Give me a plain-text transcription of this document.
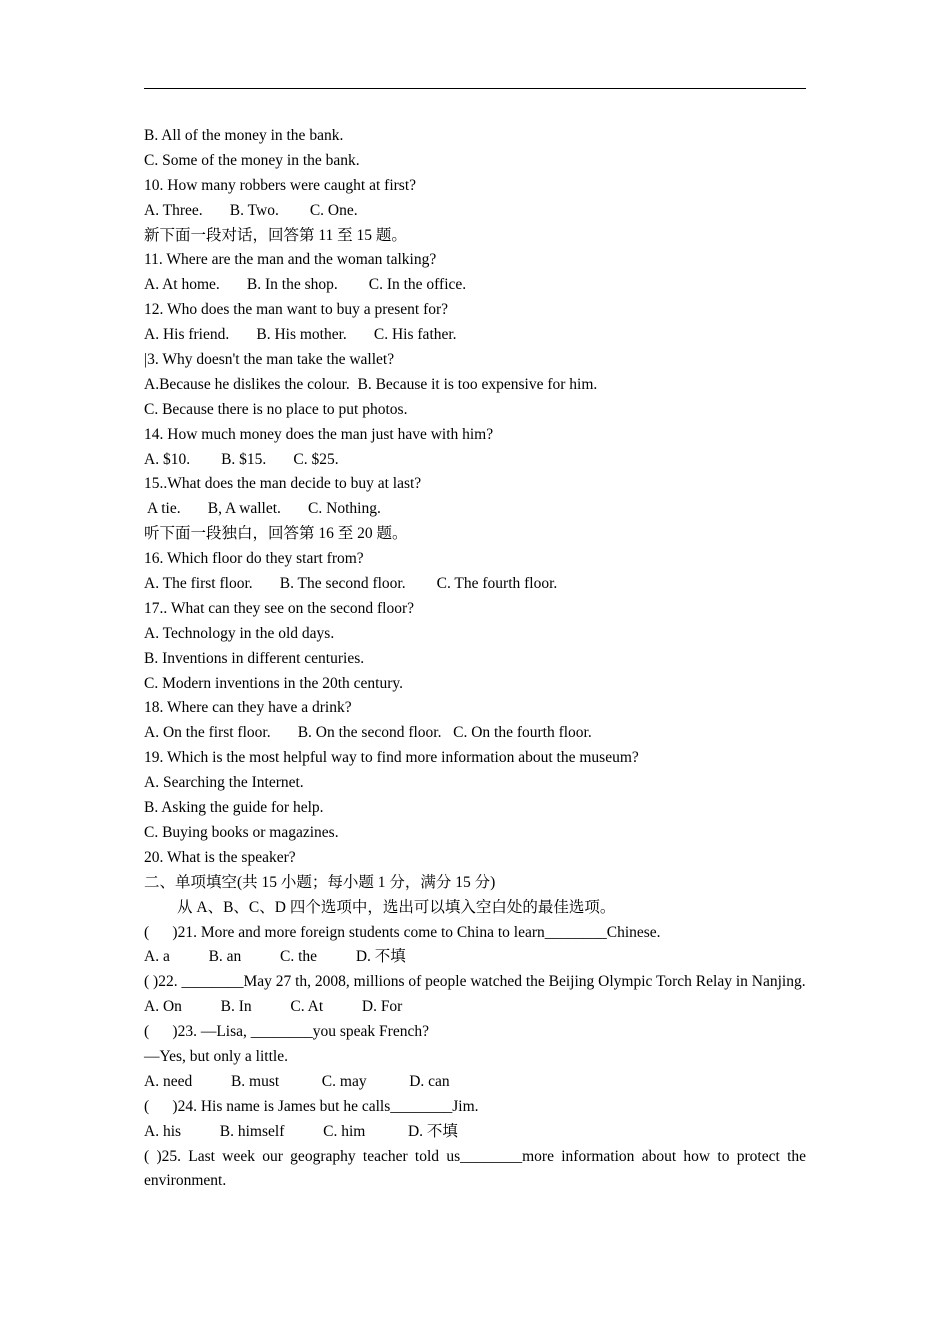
B. All of the money in the bank.
C. Some of the money in the bank.
10. How many robbers were caught at first?
A. Three.       B. Two.        C. One.
新下面一段对话，回答第 11 至 15 题。
11. Where are the man and the woman talking?
A. At home.       B. In the shop.        C. In the office.
12. Who does the man want to buy a present for?
A. His friend.       B. His mother.       C. His father.
|3. Why doesn't the man take the wallet?
A.Because he dislikes the colour.  B. Because it is too expensive for him.
C. Because there is no place to put photos.
14. How much money does the man just have with him?
A. $10.        B. $15.       C. $25.
15..What does the man decide to buy at last?
A tie.       B, A wallet.       C. Nothing.
听下面一段独白，回答第 16 至 20 题。
16. Which floor do they start from?
A. The first floor.       B. The second floor.        C. The fourth floor.
17.. What can they see on the second floor?
A. Technology in the old days.
B. Inventions in different centuries.
C. Modern inventions in the 20th century.
18. Where can they have a drink?
A. On the first floor.       B. On the second floor.   C. On the fourth floor.
19. Which is the most helpful way to find more information about the museum?
A. Searching the Internet.
B. Asking the guide for help.
C. Buying books or magazines.
20. What is the speaker?
二、单项填空(共 15 小题；每小题 1 分，满分 15 分)
从 A、B、C、D 四个选项中，选出可以填入空白处的最佳选项。
(      )21. More and more foreign students come to China to learn________Chinese.
A. a          B. an          C. the          D. 不填
( )22. ________May 27 th, 2008, millions of people watched the Beijing Olympic Torch Relay in Nanjing.
A. On          B. In          C. At          D. For
(      )23. —Lisa, ________you speak French?
—Yes, but only a little.
A. need          B. must           C. may           D. can
(      )24. His name is James but he calls________Jim.
A. his          B. himself          C. him           D. 不填
( )25. Last week our geography teacher told us________more information about how to protect the environment.
